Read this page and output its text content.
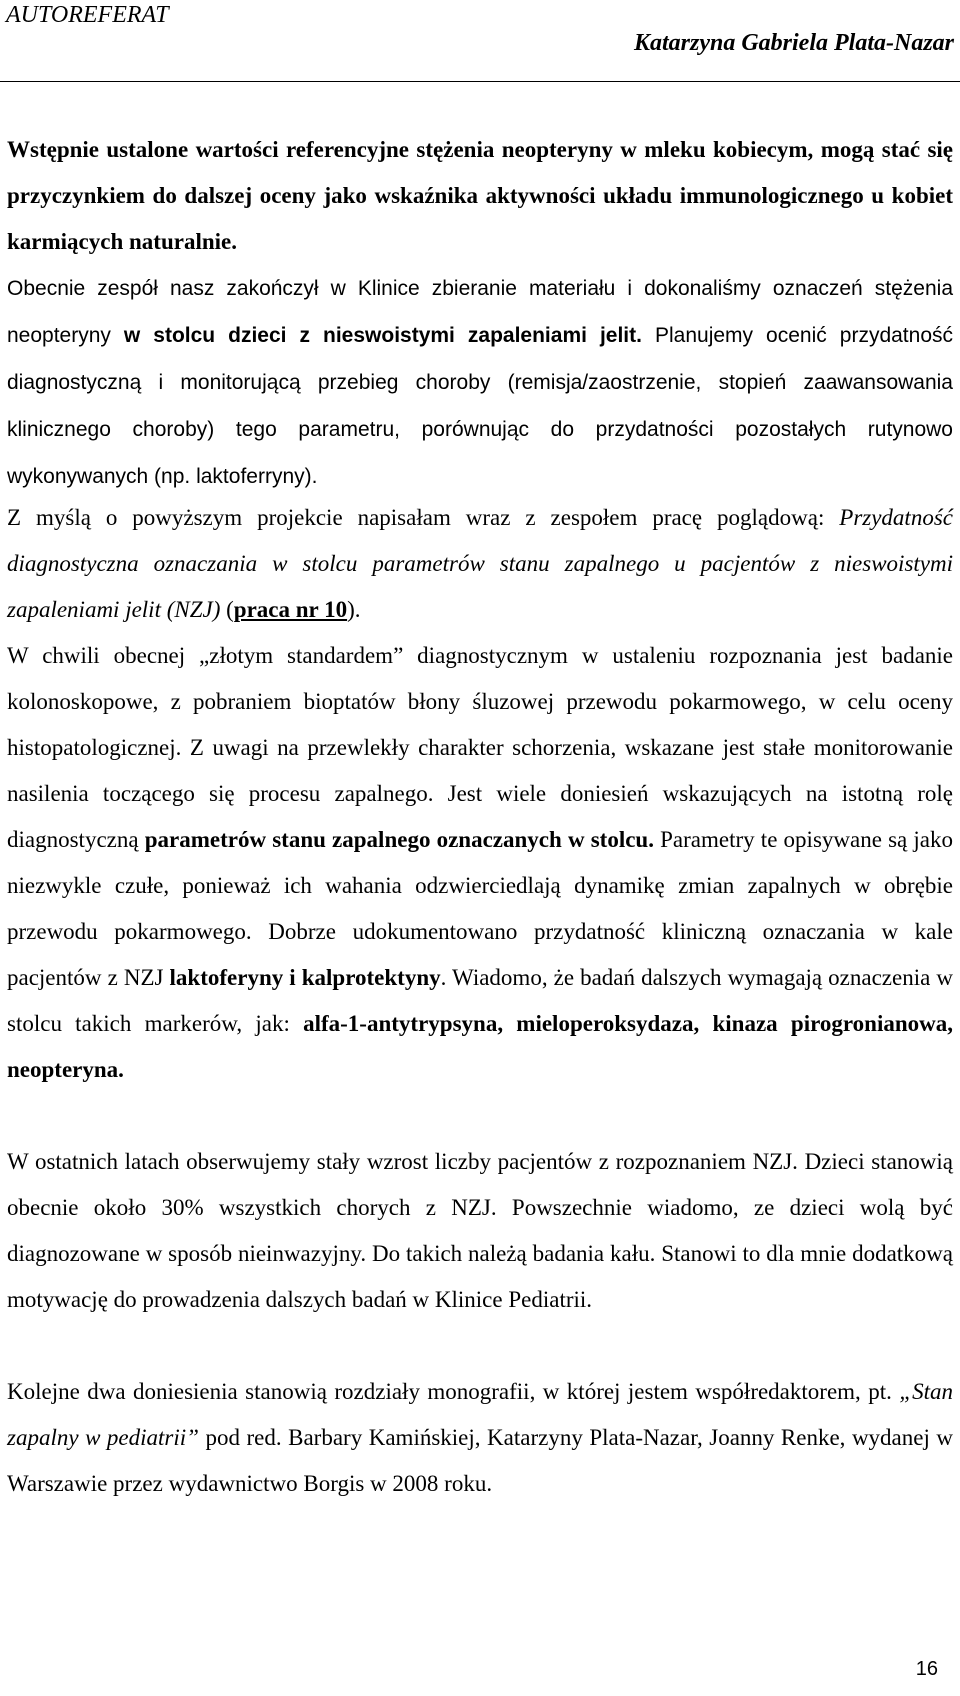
AUTOREFERAT
Katarzyna Gabriela Plata-Nazar

Wstępnie ustalone wartości referencyjne stężenia neopteryny w mleku kobiecym, mogą stać się przyczynkiem do dalszej oceny jako wskaźnika aktywności układu immunologicznego u kobiet karmiących naturalnie.

Obecnie zespół nasz zakończył w Klinice zbieranie materiału i dokonaliśmy oznaczeń stężenia neopteryny w stolcu dzieci z nieswoistymi zapaleniami jelit. Planujemy ocenić przydatność diagnostyczną i monitorującą przebieg choroby (remisja/zaostrzenie, stopień zaawansowania klinicznego choroby) tego parametru, porównując do przydatności pozostałych rutynowo wykonywanych (np. laktoferryny).

Z myślą o powyższym projekcie napisałam wraz z zespołem pracę poglądową: Przydatność diagnostyczna oznaczania w stolcu parametrów stanu zapalnego u pacjentów z nieswoistymi zapaleniami jelit (NZJ) (praca nr 10).

W chwili obecnej „złotym standardem” diagnostycznym w ustaleniu rozpoznania jest badanie kolonoskopowe, z pobraniem bioptatów błony śluzowej przewodu pokarmowego, w celu oceny histopatologicznej. Z uwagi na przewlekły charakter schorzenia, wskazane jest stałe monitorowanie nasilenia toczącego się procesu zapalnego. Jest wiele doniesień wskazujących na istotną rolę diagnostyczną parametrów stanu zapalnego oznaczanych w stolcu. Parametry te opisywane są jako niezwykle czułe, ponieważ ich wahania odzwierciedlają dynamikę zmian zapalnych w obrębie przewodu pokarmowego. Dobrze udokumentowano przydatność kliniczną oznaczania w kale pacjentów z NZJ laktoferyny i kalprotektyny. Wiadomo, że badań dalszych wymagają oznaczenia w stolcu takich markerów, jak: alfa-1-antytrypsyna, mieloperoksydaza, kinaza pirogronianowa, neopteryna.

W ostatnich latach obserwujemy stały wzrost liczby pacjentów z rozpoznaniem NZJ. Dzieci stanowią obecnie około 30% wszystkich chorych z NZJ. Powszechnie wiadomo, ze dzieci wolą być diagnozowane w sposób nieinwazyjny. Do takich należą badania kału. Stanowi to dla mnie dodatkową motywację do prowadzenia dalszych badań w Klinice Pediatrii.

Kolejne dwa doniesienia stanowią rozdziały monografii, w której jestem współredaktorem, pt. „Stan zapalny w pediatrii” pod red. Barbary Kamińskiej, Katarzyny Plata-Nazar, Joanny Renke, wydanej w Warszawie przez wydawnictwo Borgis w 2008 roku.

16
